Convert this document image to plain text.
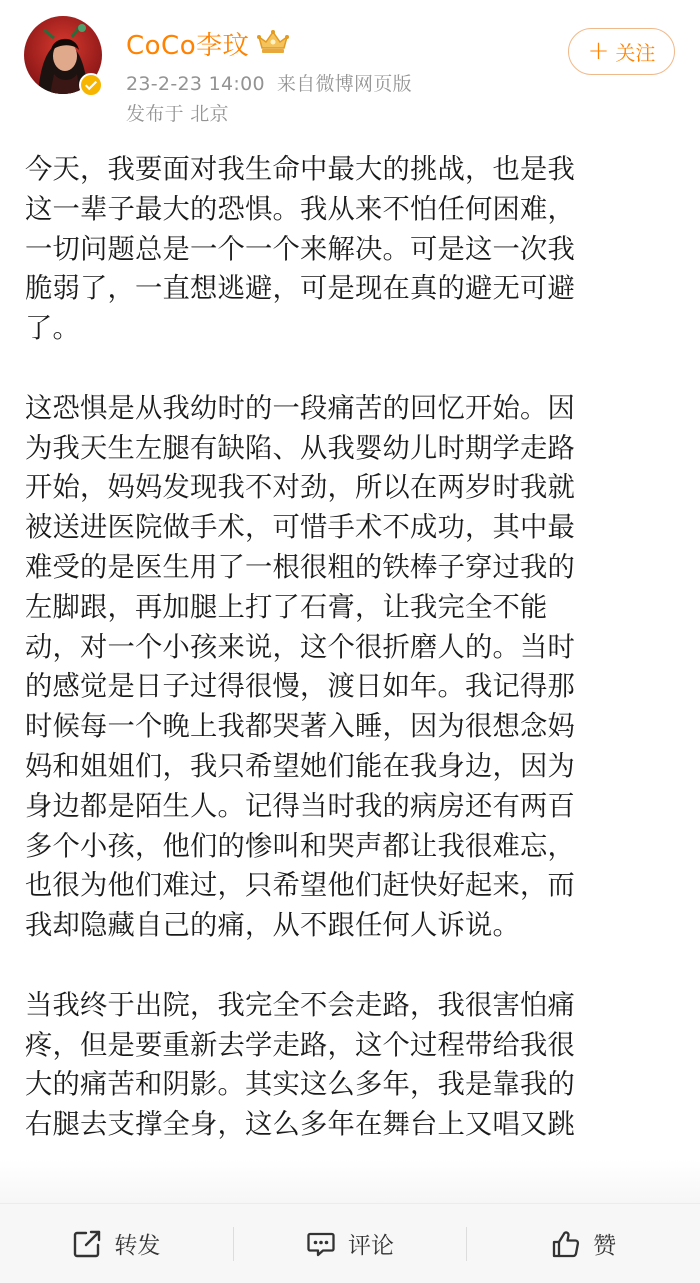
CoCo李玟
23-2-23 14:00 来自微博网页版
发布于 北京
+ 关注
今天，我要面对我生命中最大的挑战，也是我
这一辈子最大的恐惧。我从来不怕任何困难，
一切问题总是一个一个来解决。可是这一次我
脆弱了，一直想逃避，可是现在真的避无可避
了。
这恐惧是从我幼时的一段痛苦的回忆开始。因
为我天生左腿有缺陷、从我婴幼儿时期学走路
开始，妈妈发现我不对劲，所以在两岁时我就
被送进医院做手术，可惜手术不成功，其中最
难受的是医生用了一根很粗的铁棒子穿过我的
左脚跟，再加腿上打了石膏，让我完全不能
动，对一个小孩来说，这个很折磨人的。当时
的感觉是日子过得很慢，渡日如年。我记得那
时候每一个晚上我都哭著入睡，因为很想念妈
妈和姐姐们，我只希望她们能在我身边，因为
身边都是陌生人。记得当时我的病房还有两百
多个小孩，他们的惨叫和哭声都让我很难忘，
也很为他们难过，只希望他们赶快好起来，而
我却隐藏自己的痛，从不跟任何人诉说。
当我终于出院，我完全不会走路，我很害怕痛
疼，但是要重新去学走路，这个过程带给我很
大的痛苦和阴影。其实这么多年，我是靠我的
右腿去支撑全身，这么多年在舞台上又唱又跳
转发	评论	赞
